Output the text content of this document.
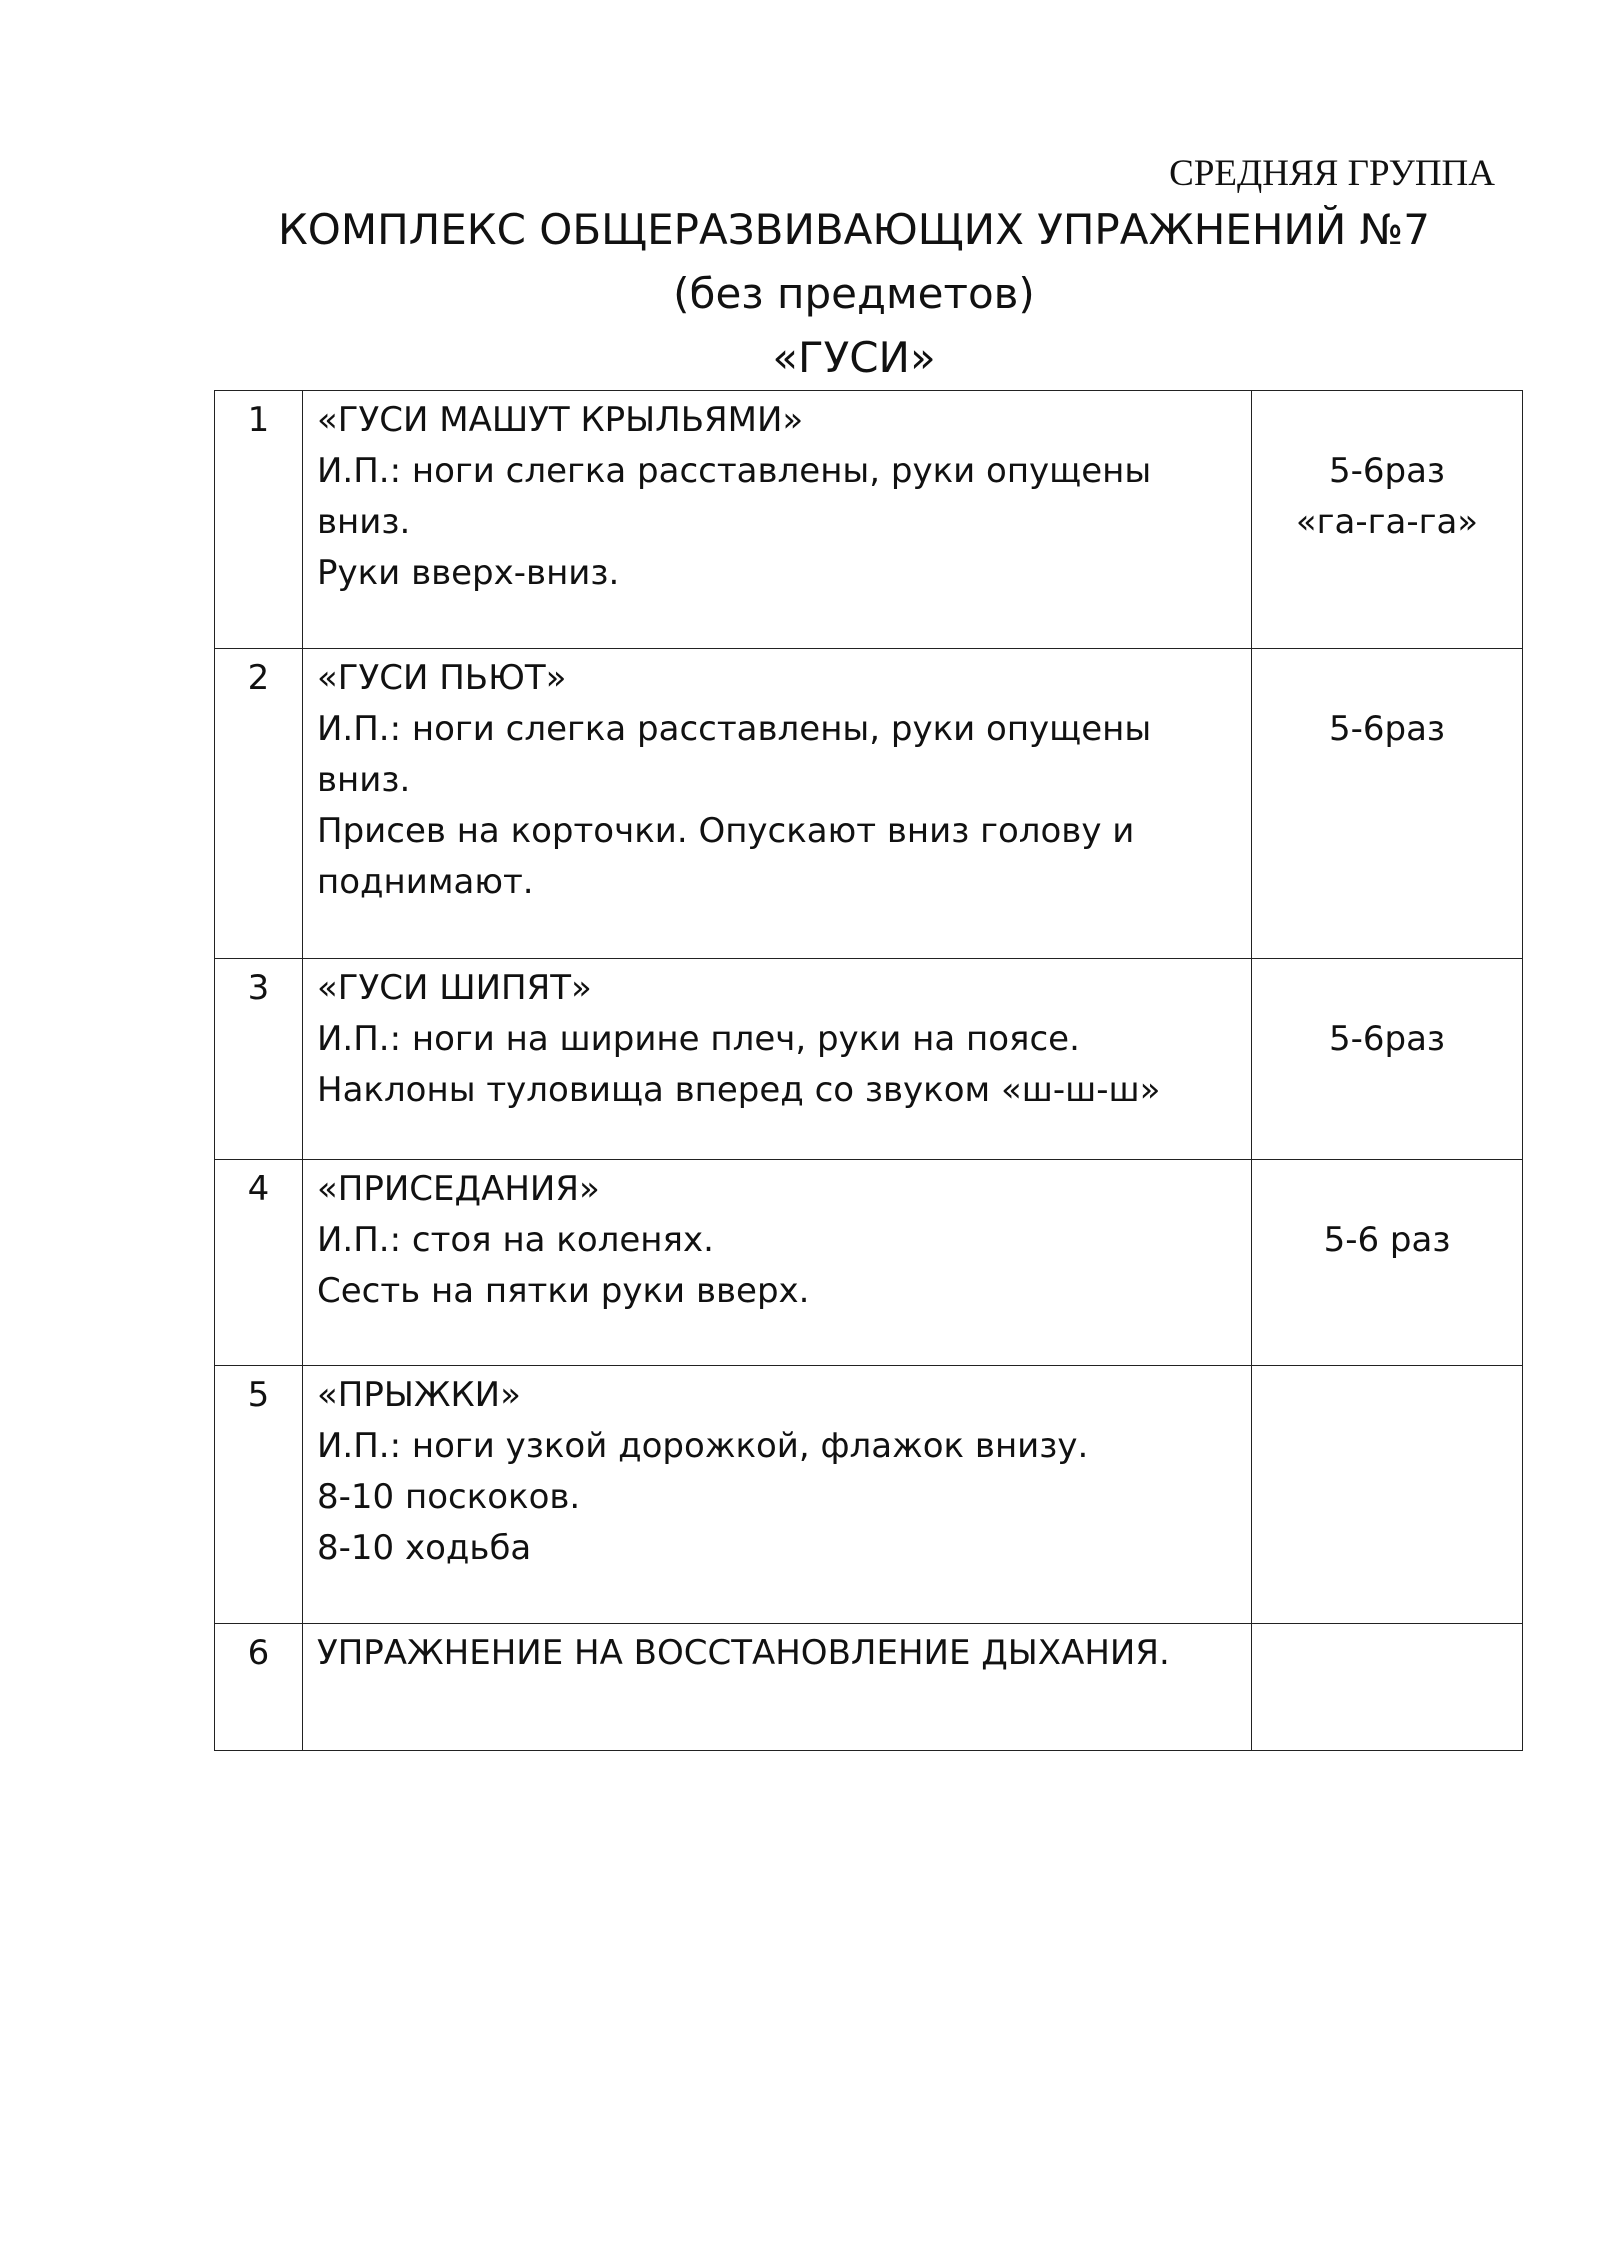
СРЕДНЯЯ ГРУППА
КОМПЛЕКС ОБЩЕРАЗВИВАЮЩИХ УПРАЖНЕНИЙ №7
(без предметов)
«ГУСИ»
1	«ГУСИ МАШУТ КРЫЛЬЯМИ»
И.П.: ноги слегка расставлены, руки опущены вниз.
Руки вверх-вниз.	5-6раз
«га-га-га»

2	«ГУСИ ПЬЮТ»
И.П.: ноги слегка расставлены, руки опущены вниз.
Присев на корточки. Опускают вниз голову и поднимают.	5-6раз

3	«ГУСИ ШИПЯТ»
И.П.: ноги на ширине плеч, руки на поясе.
Наклоны туловища вперед со звуком «ш-ш-ш»	5-6раз

4	«ПРИСЕДАНИЯ»
И.П.: стоя на коленях.
Сесть на пятки руки вверх.	5-6 раз

5	«ПРЫЖКИ»
И.П.: ноги узкой дорожкой, флажок внизу.
8-10 поскоков.
8-10 ходьба	

6	УПРАЖНЕНИЕ НА ВОССТАНОВЛЕНИЕ ДЫХАНИЯ.	
